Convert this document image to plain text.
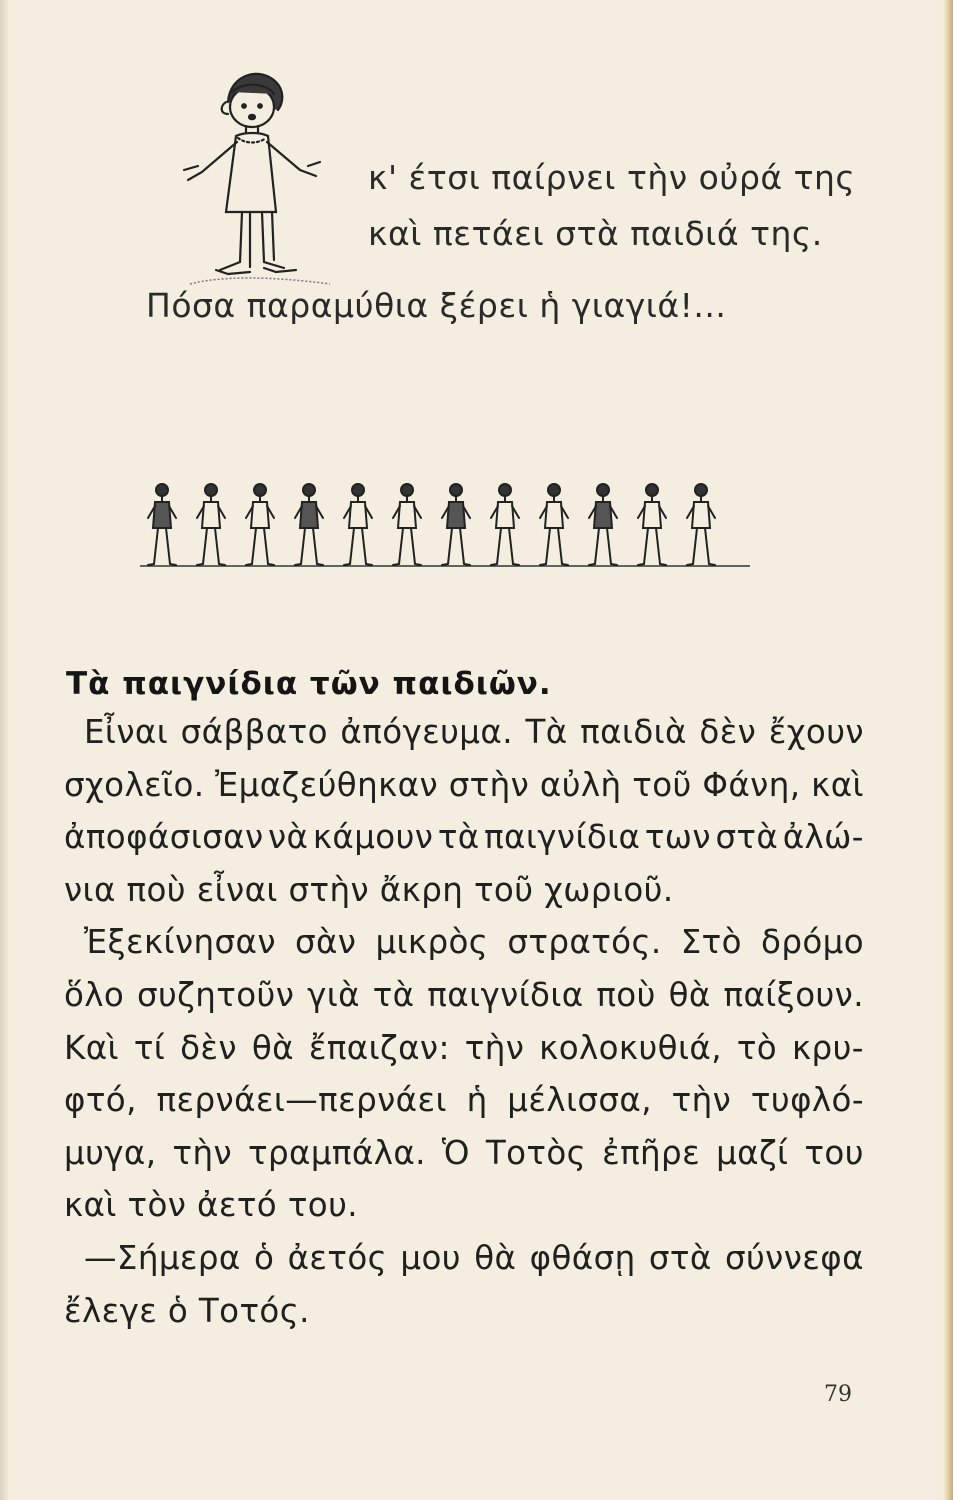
κ' έτσι παίρνει τὴν οὐρά της
καὶ πετάει στὰ παιδιά της.
Πόσα παραμύθια ξέρει ἡ γιαγιά!...
Τὰ παιγνίδια τῶν παιδιῶν.
Εἶναι σάββατο ἀπόγευμα. Τὰ παιδιὰ δὲν ἔχουν
σχολεῖο. Ἐμαζεύθηκαν στὴν αὐλὴ τοῦ Φάνη, καὶ
ἀποφάσισαν νὰ κάμουν τὰ παιγνίδια των στὰ ἀλώ-
νια ποὺ εἶναι στὴν ἄκρη τοῦ χωριοῦ.
Ἐξεκίνησαν σὰν μικρὸς στρατός. Στὸ δρόμο
ὅλο συζητοῦν γιὰ τὰ παιγνίδια ποὺ θὰ παίξουν.
Καὶ τί δὲν θὰ ἔπαιζαν: τὴν κολοκυθιά, τὸ κρυ-
φτό, περνάει—περνάει ἡ μέλισσα, τὴν τυφλό-
μυγα, τὴν τραμπάλα. Ὁ Τοτὸς ἐπῆρε μαζί του
καὶ τὸν ἀετό του.
—Σήμερα ὁ ἀετός μου θὰ φθάσῃ στὰ σύννεφα
ἔλεγε ὁ Τοτός.
79
